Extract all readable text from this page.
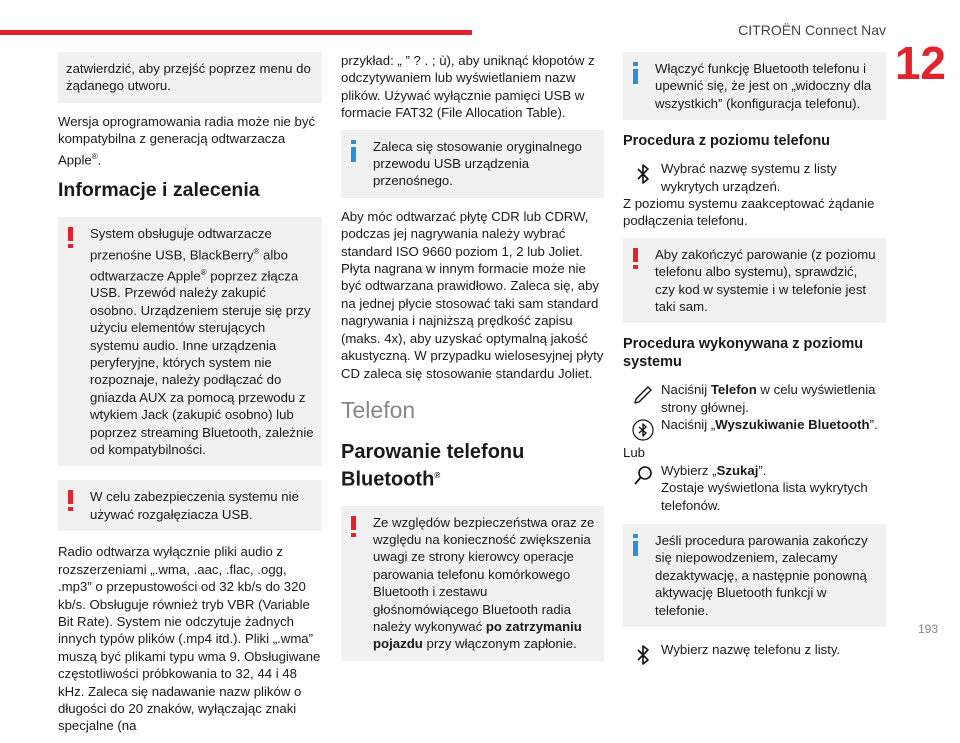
CITROËN Connect Nav
12
zatwierdzić, aby przejść poprzez menu do żądanego utworu.

Wersja oprogramowania radia może nie być kompatybilna z generacją odtwarzacza Apple®.

Informacje i zalecenia
System obsługuje odtwarzacze przenośne USB, BlackBerry® albo odtwarzacze Apple® poprzez złącza USB. Przewód należy zakupić osobno. Urządzeniem steruje się przy użyciu elementów sterujących systemu audio. Inne urządzenia peryferyjne, których system nie rozpoznaje, należy podłączać do gniazda AUX za pomocą przewodu z wtykiem Jack (zakupić osobno) lub poprzez streaming Bluetooth, zależnie od kompatybilności.
W celu zabezpieczenia systemu nie używać rozgałęziacza USB.

Radio odtwarza wyłącznie pliki audio z rozszerzeniami „.wma, .aac, .flac, .ogg, .mp3” o przepustowości od 32 kb/s do 320 kb/s. Obsługuje również tryb VBR (Variable Bit Rate). System nie odczytuje żadnych innych typów plików (.mp4 itd.). Pliki „.wma” muszą być plikami typu wma 9. Obsługiwane częstotliwości próbkowania to 32, 44 i 48 kHz. Zaleca się nadawanie nazw plików o długości do 20 znaków, wyłączając znaki specjalne (na

przykład: „ ” ? . ; ù), aby uniknąć kłopotów z odczytywaniem lub wyświetlaniem nazw plików. Używać wyłącznie pamięci USB w formacie FAT32 (File Allocation Table).

Zaleca się stosowanie oryginalnego przewodu USB urządzenia przenośnego.

Aby móc odtwarzać płytę CDR lub CDRW, podczas jej nagrywania należy wybrać standard ISO 9660 poziom 1, 2 lub Joliet. Płyta nagrana w innym formacie może nie być odtwarzana prawidłowo. Zaleca się, aby na jednej płycie stosować taki sam standard nagrywania i najniższą prędkość zapisu (maks. 4x), aby uzyskać optymalną jakość akustyczną. W przypadku wielosesyjnej płyty CD zaleca się stosowanie standardu Joliet.

Telefon
Parowanie telefonu Bluetooth®
Ze względów bezpieczeństwa oraz ze względu na konieczność zwiększenia uwagi ze strony kierowcy operacje parowania telefonu komórkowego Bluetooth i zestawu głośnomówiącego Bluetooth radia należy wykonywać po zatrzymaniu pojazdu przy włączonym zapłonie.
Włączyć funkcję Bluetooth telefonu i upewnić się, że jest on „widoczny dla wszystkich” (konfiguracja telefonu).
Procedura z poziomu telefonu
Wybrać nazwę systemu z listy wykrytych urządzeń.

Z poziomu systemu zaakceptować żądanie podłączenia telefonu.

Aby zakończyć parowanie (z poziomu telefonu albo systemu), sprawdzić, czy kod w systemie i w telefonie jest taki sam.
Procedura wykonywana z poziomu systemu
Naciśnij Telefon w celu wyświetlenia strony głównej.
Naciśnij „Wyszukiwanie Bluetooth”.

Lub

Wybierz „Szukaj”.
Zostaje wyświetlona lista wykrytych telefonów.
Jeśli procedura parowania zakończy się niepowodzeniem, zalecamy dezaktywację, a następnie ponowną aktywację Bluetooth funkcji w telefonie.
Wybierz nazwę telefonu z listy.
193
